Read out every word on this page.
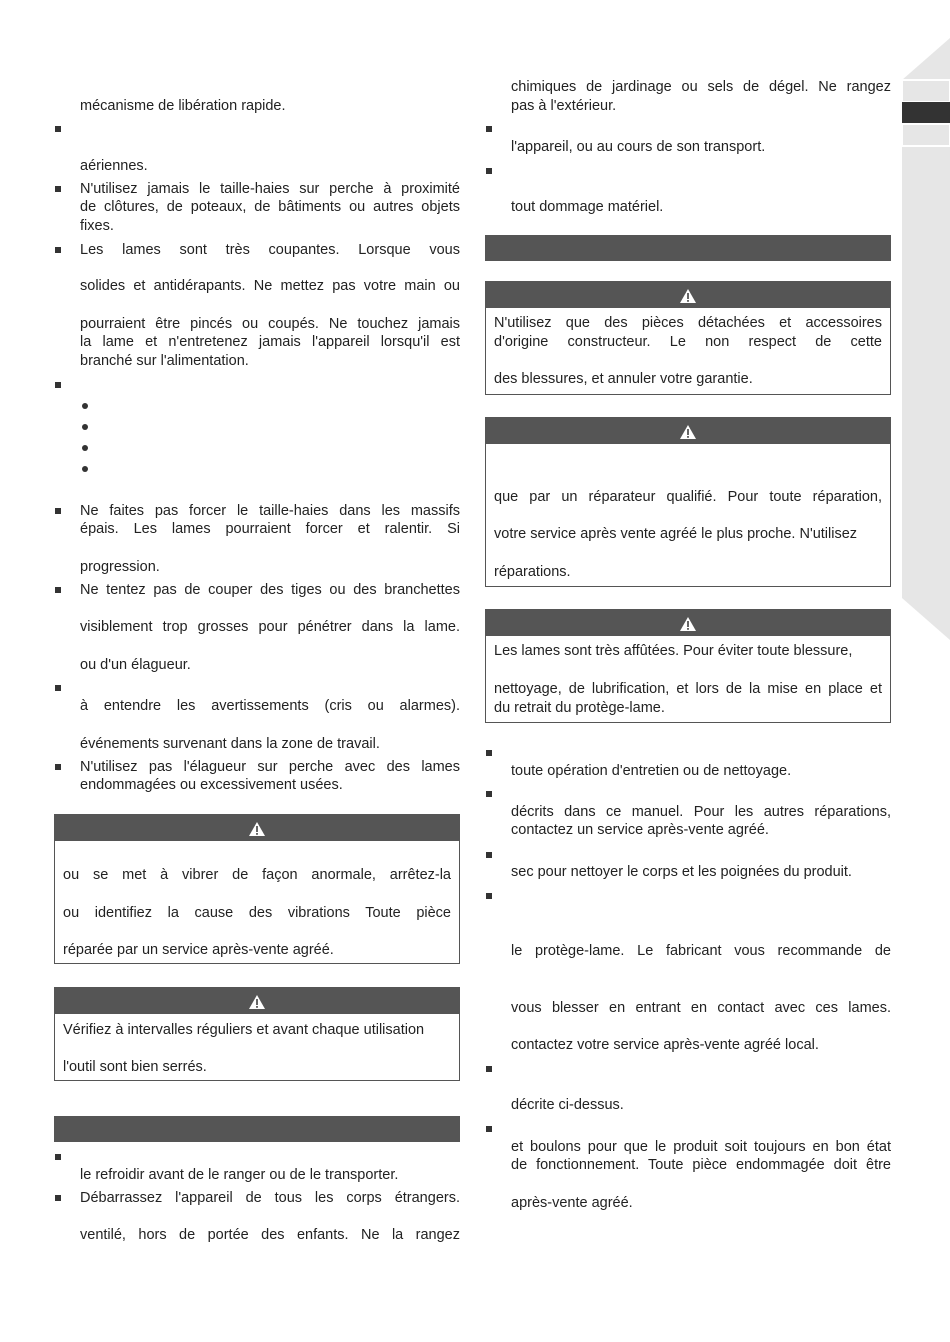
mécanisme de libération rapide.
aériennes.
N'utilisez jamais le taille-haies sur perche à proximité
de clôtures, de poteaux, de bâtiments ou autres objets
fixes.
Les lames sont très coupantes. Lorsque vous
solides et antidérapants. Ne mettez pas votre main ou
pourraient être pincés ou coupés. Ne touchez jamais
la lame et n'entretenez jamais l'appareil lorsqu'il est
branché sur l'alimentation.
Ne faites pas forcer le taille-haies dans les massifs
épais. Les lames pourraient forcer et ralentir. Si
progression.
Ne tentez pas de couper des tiges ou des branchettes
visiblement trop grosses pour pénétrer dans la lame.
ou d'un élagueur.
à entendre les avertissements (cris ou alarmes).
événements survenant dans la zone de travail.
N'utilisez pas l'élagueur sur perche avec des lames
endommagées ou excessivement usées.
ou se met à vibrer de façon anormale, arrêtez-la
ou identifiez la cause des vibrations Toute pièce
réparée par un service après-vente agréé.
Vérifiez à intervalles réguliers et avant chaque utilisation
l'outil sont bien serrés.
le refroidir avant de le ranger ou de le transporter.
Débarrassez l'appareil de tous les corps étrangers.
ventilé, hors de portée des enfants. Ne la rangez
chimiques de jardinage ou sels de dégel. Ne rangez
pas à l'extérieur.
l'appareil, ou au cours de son transport.
tout dommage matériel.
N'utilisez que des pièces détachées et accessoires
d'origine constructeur. Le non respect de cette
des blessures, et annuler votre garantie.
que par un réparateur qualifié. Pour toute réparation,
votre service après vente agréé le plus proche. N'utilisez
réparations.
Les lames sont très affûtées. Pour éviter toute blessure,
nettoyage, de lubrification, et lors de la mise en place et
du retrait du protège-lame.
toute opération d'entretien ou de nettoyage.
décrits dans ce manuel. Pour les autres réparations,
contactez un service après-vente agréé.
sec pour nettoyer le corps et les poignées du produit.
le protège-lame. Le fabricant vous recommande de
vous blesser en entrant en contact avec ces lames.
contactez votre service après-vente agréé local.
décrite ci-dessus.
et boulons pour que le produit soit toujours en bon état
de fonctionnement. Toute pièce endommagée doit être
après-vente agréé.
